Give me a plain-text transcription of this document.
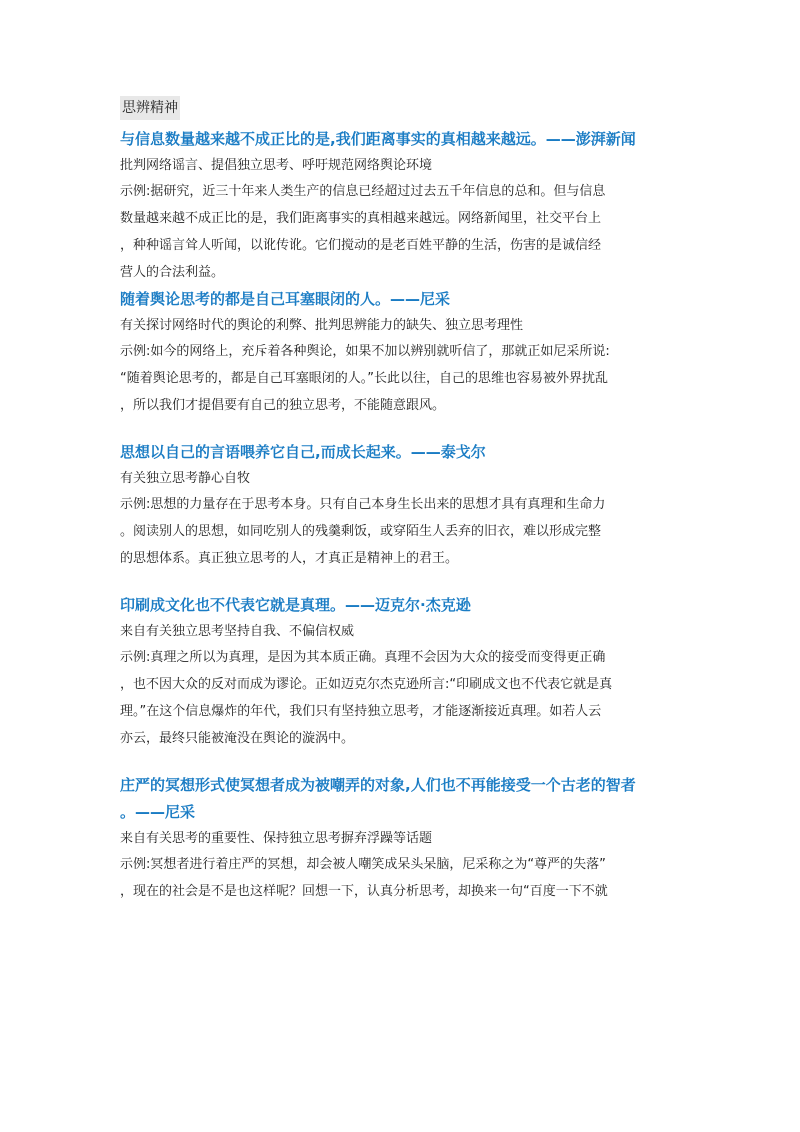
思辨精神

与信息数量越来越不成正比的是,我们距离事实的真相越来越远。——澎湃新闻

批判网络谣言、提倡独立思考、呼吁规范网络舆论环境

示例:据研究，近三十年来人类生产的信息已经超过过去五千年信息的总和。但与信息
数量越来越不成正比的是，我们距离事实的真相越来越远。网络新闻里，社交平台上
，种种谣言耸人听闻，以讹传讹。它们搅动的是老百姓平静的生活，伤害的是诚信经
营人的合法利益。

随着舆论思考的都是自己耳塞眼闭的人。——尼采

有关探讨网络时代的舆论的利弊、批判思辨能力的缺失、独立思考理性

示例:如今的网络上，充斥着各种舆论，如果不加以辨别就听信了，那就正如尼采所说:
“随着舆论思考的，都是自己耳塞眼闭的人。”长此以往，自己的思维也容易被外界扰乱
，所以我们才提倡要有自己的独立思考，不能随意跟风。

思想以自己的言语喂养它自己,而成长起来。——泰戈尔

有关独立思考静心自牧

示例:思想的力量存在于思考本身。只有自己本身生长出来的思想才具有真理和生命力
。阅读别人的思想，如同吃别人的残羹剩饭，或穿陌生人丢弃的旧衣，难以形成完整
的思想体系。真正独立思考的人，才真正是精神上的君王。

印刷成文化也不代表它就是真理。——迈克尔·杰克逊

来自有关独立思考坚持自我、不偏信权威

示例:真理之所以为真理，是因为其本质正确。真理不会因为大众的接受而变得更正确
，也不因大众的反对而成为谬论。正如迈克尔杰克逊所言:“印刷成文也不代表它就是真
理。”在这个信息爆炸的年代，我们只有坚持独立思考，才能逐渐接近真理。如若人云
亦云，最终只能被淹没在舆论的漩涡中。

庄严的冥想形式使冥想者成为被嘲弄的对象,人们也不再能接受一个古老的智者
。——尼采

来自有关思考的重要性、保持独立思考摒弃浮躁等话题

示例:冥想者进行着庄严的冥想，却会被人嘲笑成呆头呆脑，尼采称之为“尊严的失落”
，现在的社会是不是也这样呢？回想一下，认真分析思考，却换来一句“百度一下不就
